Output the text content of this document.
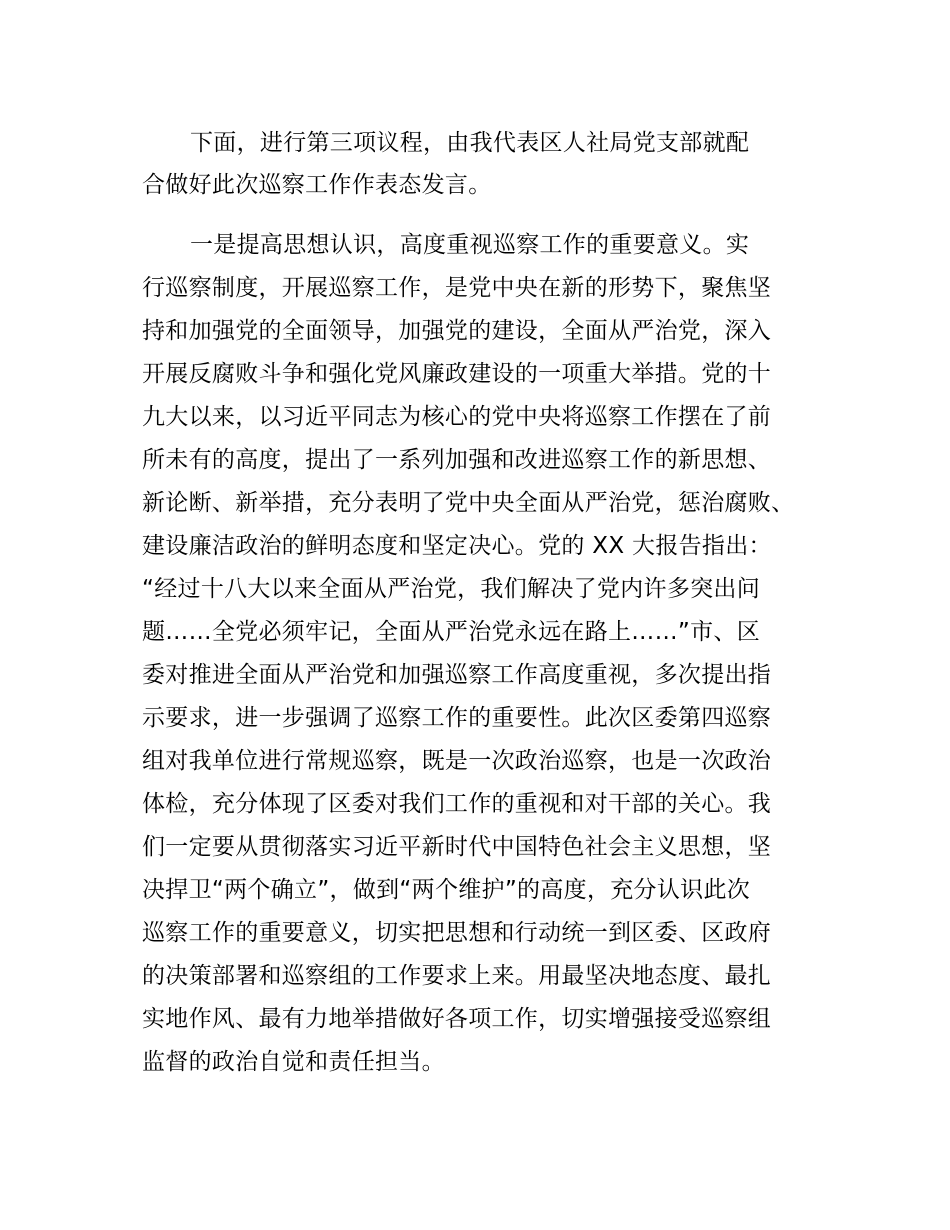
下面，进行第三项议程，由我代表区人社局党支部就配

合做好此次巡察工作作表态发言。

一是提高思想认识，高度重视巡察工作的重要意义。实

行巡察制度，开展巡察工作，是党中央在新的形势下，聚焦坚

持和加强党的全面领导，加强党的建设，全面从严治党，深入

开展反腐败斗争和强化党风廉政建设的一项重大举措。党的十

九大以来，以习近平同志为核心的党中央将巡察工作摆在了前

所未有的高度，提出了一系列加强和改进巡察工作的新思想、

新论断、新举措，充分表明了党中央全面从严治党，惩治腐败、

建设廉洁政治的鲜明态度和坚定决心。党的 XX 大报告指出：

“经过十八大以来全面从严治党，我们解决了党内许多突出问

题……全党必须牢记，全面从严治党永远在路上……”市、区

委对推进全面从严治党和加强巡察工作高度重视，多次提出指

示要求，进一步强调了巡察工作的重要性。此次区委第四巡察

组对我单位进行常规巡察，既是一次政治巡察，也是一次政治

体检，充分体现了区委对我们工作的重视和对干部的关心。我

们一定要从贯彻落实习近平新时代中国特色社会主义思想，坚

决捍卫“两个确立”，做到“两个维护”的高度，充分认识此次

巡察工作的重要意义，切实把思想和行动统一到区委、区政府

的决策部署和巡察组的工作要求上来。用最坚决地态度、最扎

实地作风、最有力地举措做好各项工作，切实增强接受巡察组

监督的政治自觉和责任担当。
